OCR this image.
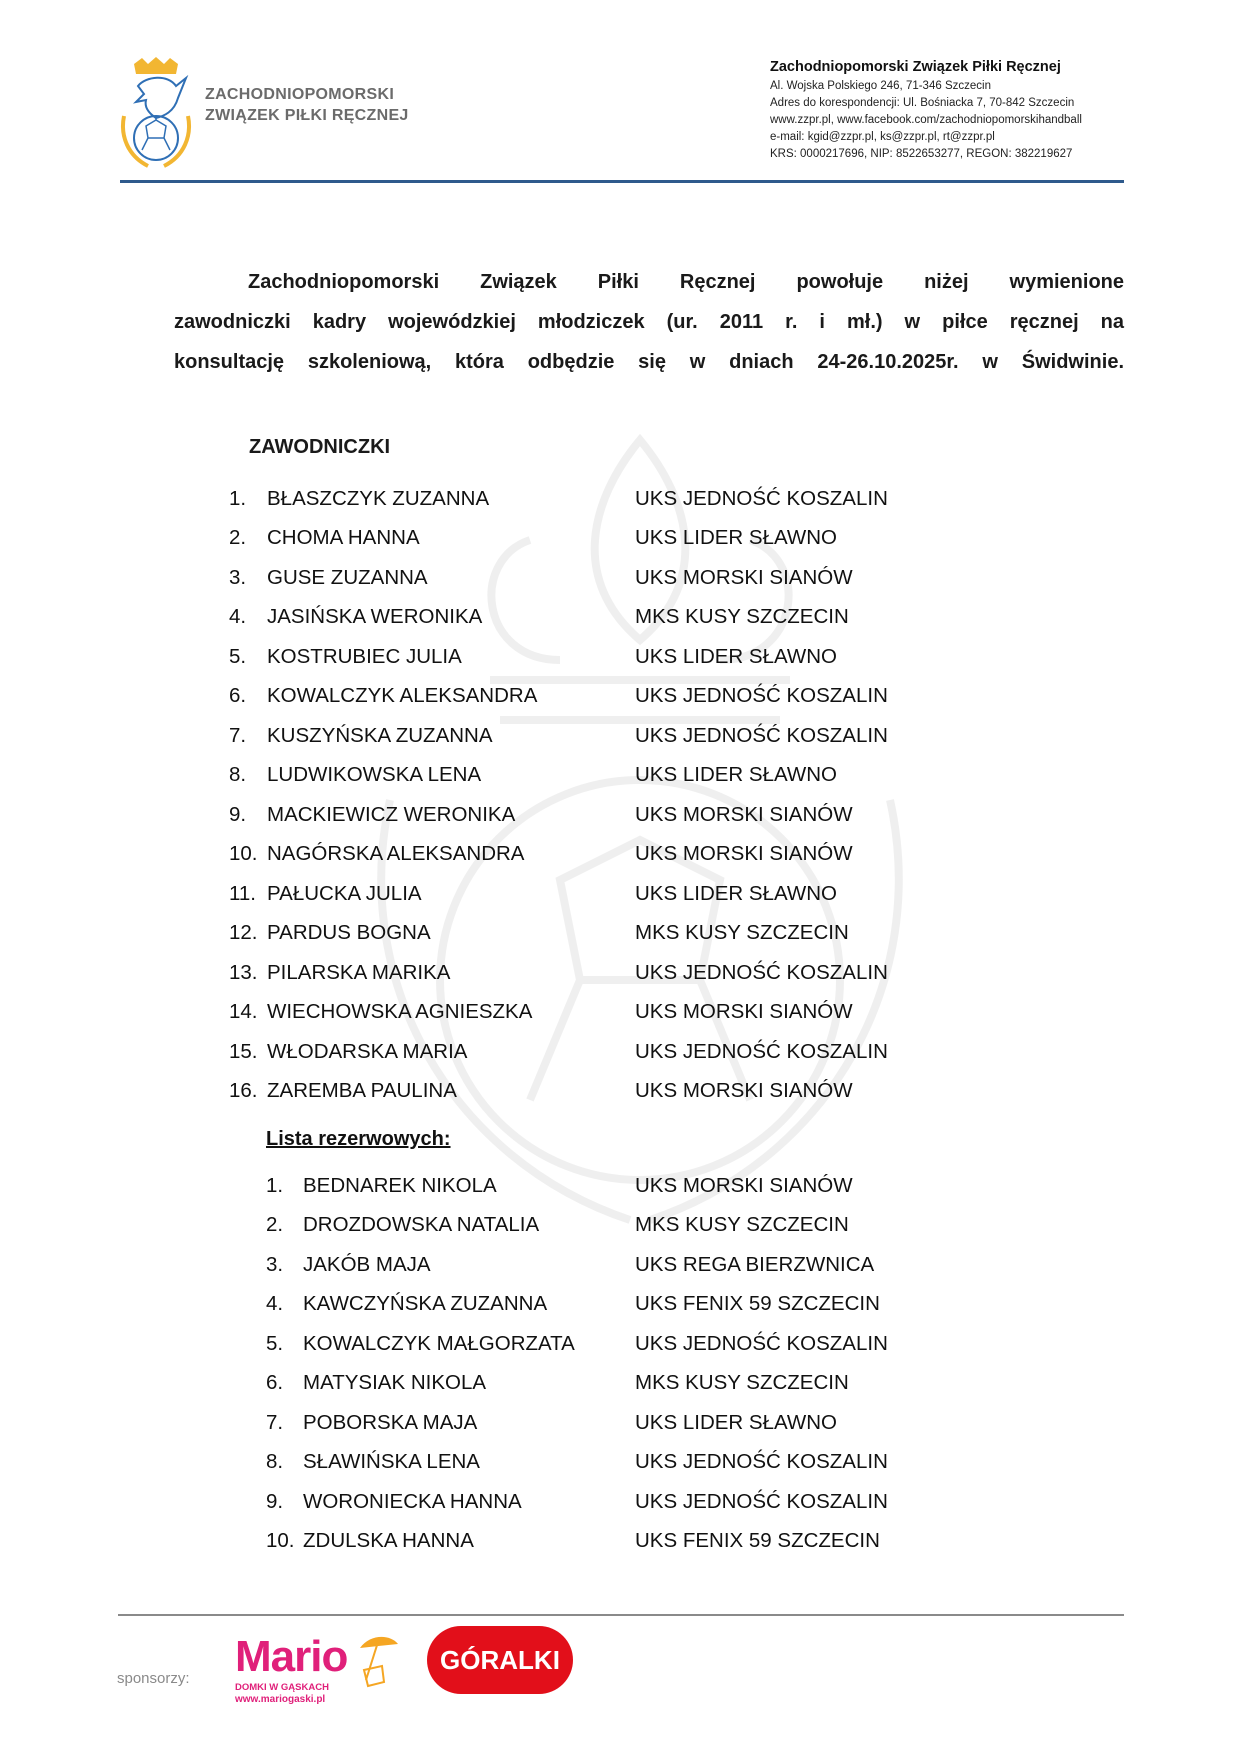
ZACHODNIOPOMORSKI
ZWIĄZEK PIŁKI RĘCZNEJ
Zachodniopomorski Związek Piłki Ręcznej
Al. Wojska Polskiego 246, 71-346 Szczecin
Adres do korespondencji: Ul. Bośniacka 7, 70-842 Szczecin
www.zzpr.pl, www.facebook.com/zachodniopomorskihandball
e-mail: kgid@zzpr.pl, ks@zzpr.pl, rt@zzpr.pl
KRS: 0000217696, NIP: 8522653277, REGON: 382219627

Zachodniopomorski Związek Piłki Ręcznej powołuje niżej wymienione

zawodniczki kadry wojewódzkiej młodziczek (ur. 2011 r. i mł.) w piłce ręcznej na

konsultację szkoleniową, która odbędzie się w dniach 24-26.10.2025r. w Świdwinie.

ZAWODNICZKI
1.	BŁASZCZYK ZUZANNA	UKS JEDNOŚĆ KOSZALIN
2.	CHOMA HANNA	UKS LIDER SŁAWNO
3.	GUSE ZUZANNA	UKS MORSKI SIANÓW
4.	JASIŃSKA WERONIKA	MKS KUSY SZCZECIN
5.	KOSTRUBIEC JULIA	UKS LIDER SŁAWNO
6.	KOWALCZYK ALEKSANDRA	UKS JEDNOŚĆ KOSZALIN
7.	KUSZYŃSKA ZUZANNA	UKS JEDNOŚĆ KOSZALIN
8.	LUDWIKOWSKA LENA	UKS LIDER SŁAWNO
9.	MACKIEWICZ WERONIKA	UKS MORSKI SIANÓW
10. NAGÓRSKA ALEKSANDRA	UKS MORSKI SIANÓW
11. PAŁUCKA JULIA	UKS LIDER SŁAWNO
12. PARDUS BOGNA	MKS KUSY SZCZECIN
13. PILARSKA MARIKA	UKS JEDNOŚĆ KOSZALIN
14. WIECHOWSKA AGNIESZKA	UKS MORSKI SIANÓW
15. WŁODARSKA MARIA	UKS JEDNOŚĆ KOSZALIN
16. ZAREMBA PAULINA	UKS MORSKI SIANÓW
Lista rezerwowych:
1. BEDNAREK NIKOLA	UKS MORSKI SIANÓW
2. DROZDOWSKA NATALIA	MKS KUSY SZCZECIN
3. JAKÓB MAJA	UKS REGA BIERZWNICA
4. KAWCZYŃSKA ZUZANNA	UKS FENIX 59 SZCZECIN
5. KOWALCZYK MAŁGORZATA	UKS JEDNOŚĆ KOSZALIN
6. MATYSIAK NIKOLA	MKS KUSY SZCZECIN
7. POBORSKA MAJA	UKS LIDER SŁAWNO
8. SŁAWIŃSKA LENA	UKS JEDNOŚĆ KOSZALIN
9. WORONIECKA HANNA	UKS JEDNOŚĆ KOSZALIN
10. ZDULSKA HANNA	UKS FENIX 59 SZCZECIN
sponsorzy: Mario
DOMKI W GĄSKACH
www.mariogaski.pl
GÓRALKI
